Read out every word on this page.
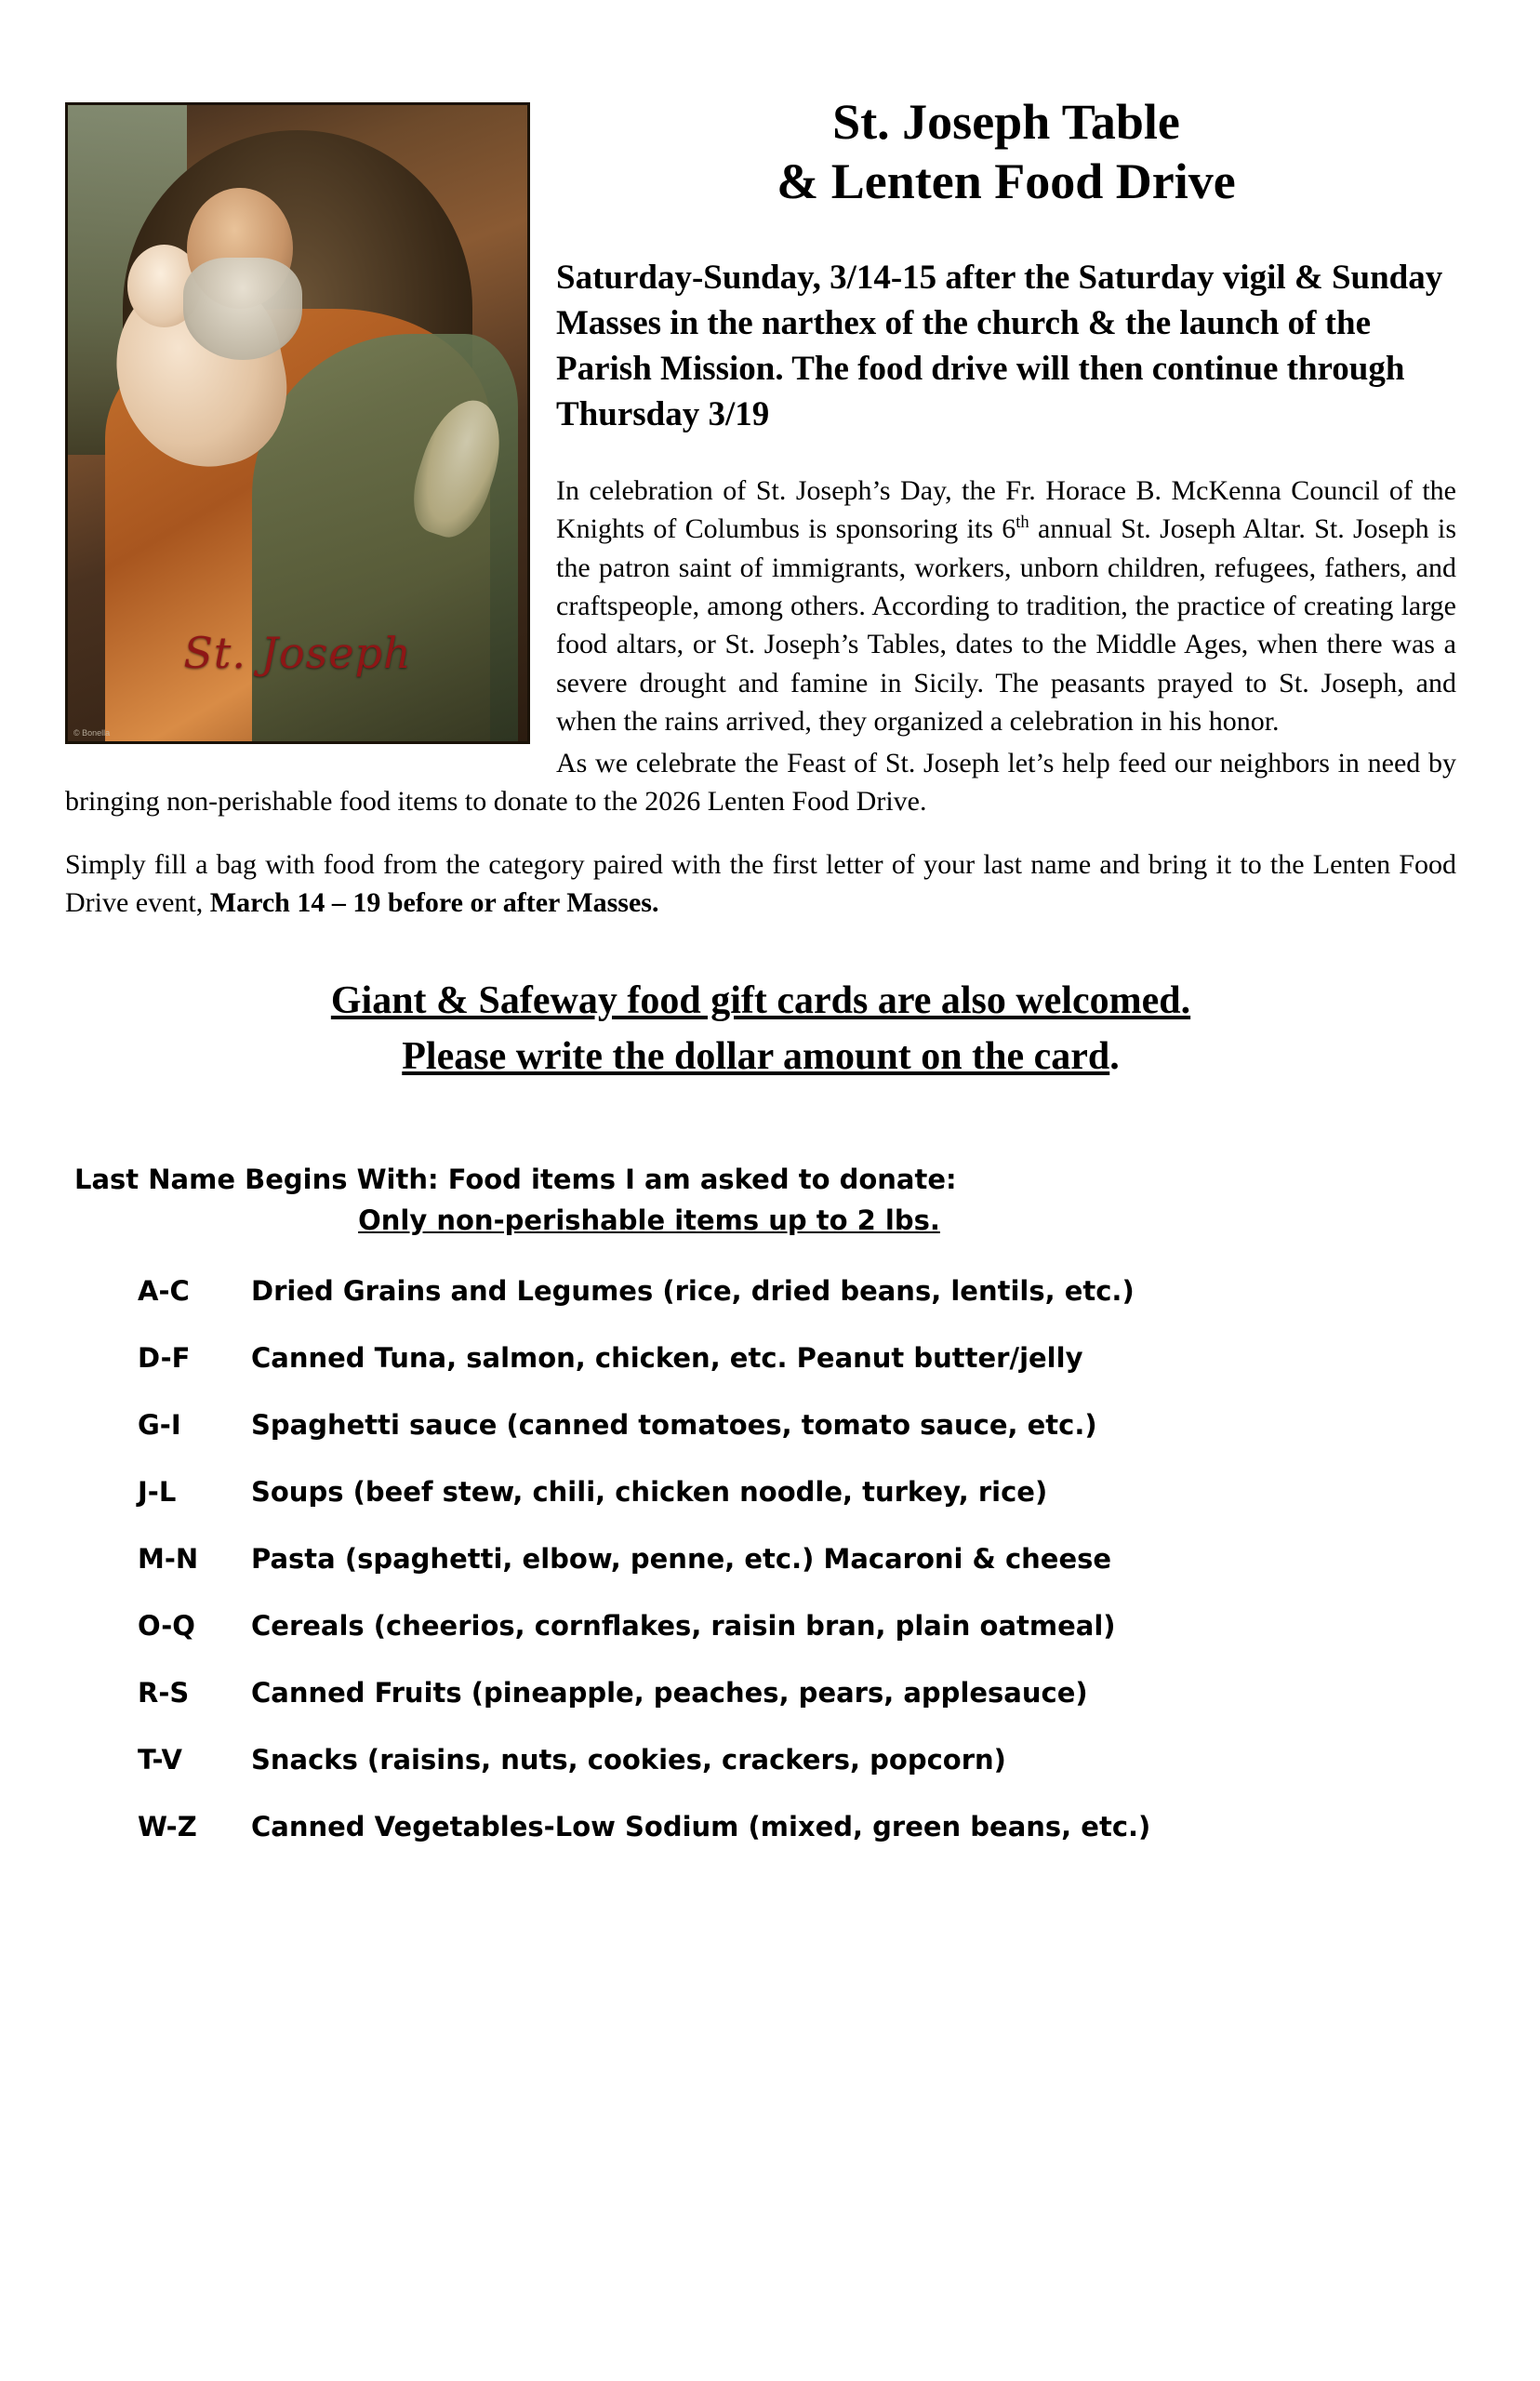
St. Joseph
© Bonella
St. Joseph Table
& Lenten Food Drive

Saturday-Sunday, 3/14-15 after the Saturday vigil & Sunday Masses in the narthex of the church & the launch of the Parish Mission. The food drive will then continue through Thursday 3/19

In celebration of St. Joseph’s Day, the Fr. Horace B. McKenna Council of the Knights of Columbus is sponsoring its 6th annual St. Joseph Altar. St. Joseph is the patron saint of immigrants, workers, unborn children, refugees, fathers, and craftspeople, among others. According to tradition, the practice of creating large food altars, or St. Joseph’s Tables, dates to the Middle Ages, when there was a severe drought and famine in Sicily. The peasants prayed to St. Joseph, and when the rains arrived, they organized a celebration in his honor.

As we celebrate the Feast of St. Joseph let’s help feed our neighbors in need by bringing non-perishable food items to donate to the 2026 Lenten Food Drive.

Simply fill a bag with food from the category paired with the first letter of your last name and bring it to the Lenten Food Drive event, March 14 – 19 before or after Masses.

Giant & Safeway food gift cards are also welcomed.
Please write the dollar amount on the card.
Last Name Begins With: Food items I am asked to donate:
Only non-perishable items up to 2 lbs.
A-C	Dried Grains and Legumes (rice, dried beans, lentils, etc.)
D-F	Canned Tuna, salmon, chicken, etc. Peanut butter/jelly
G-I	Spaghetti sauce (canned tomatoes, tomato sauce, etc.)
J-L	Soups (beef stew, chili, chicken noodle, turkey, rice)
M-N	Pasta (spaghetti, elbow, penne, etc.) Macaroni & cheese
O-Q	Cereals (cheerios, cornflakes, raisin bran, plain oatmeal)
R-S	Canned Fruits (pineapple, peaches, pears, applesauce)
T-V	Snacks (raisins, nuts, cookies, crackers, popcorn)
W-Z	Canned Vegetables-Low Sodium (mixed, green beans, etc.)
